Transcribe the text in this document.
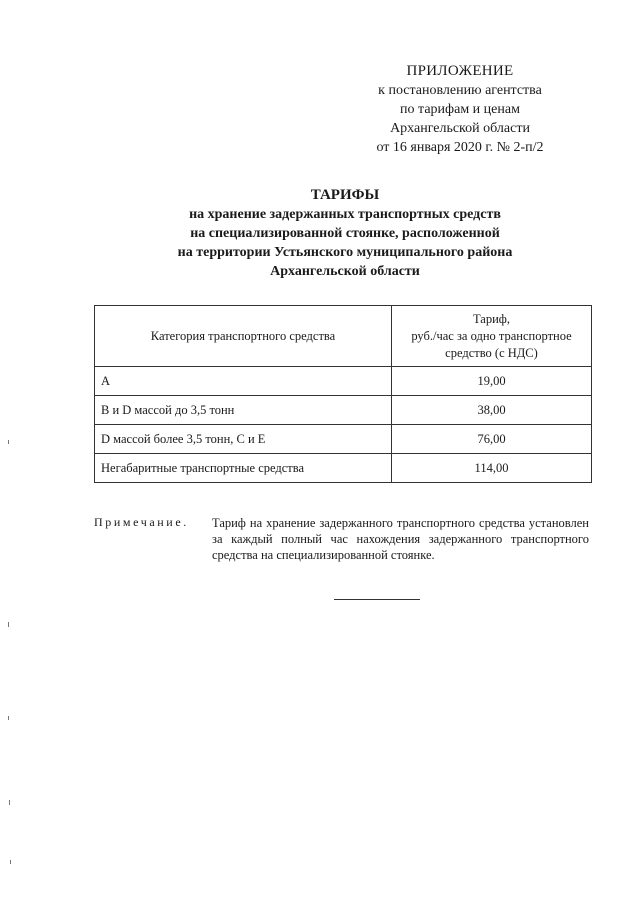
ПРИЛОЖЕНИЕ
к постановлению агентства
по тарифам и ценам
Архангельской области
от 16 января 2020 г. № 2-п/2
ТАРИФЫ
на хранение задержанных транспортных средств
на специализированной стоянке, расположенной
на территории Устьянского муниципального района
Архангельской области
Категория транспортного средства	Тариф,
руб./час за одно транспортное
средство (с НДС)

А	19,00
В и D массой до 3,5 тонн	38,00
D массой более 3,5 тонн, С и Е	76,00
Негабаритные транспортные средства	114,00
Примечание. Тариф на хранение задержанного транспортного средства установлен за каждый полный час нахождения задержанного транспортного средства на специализированной стоянке.
